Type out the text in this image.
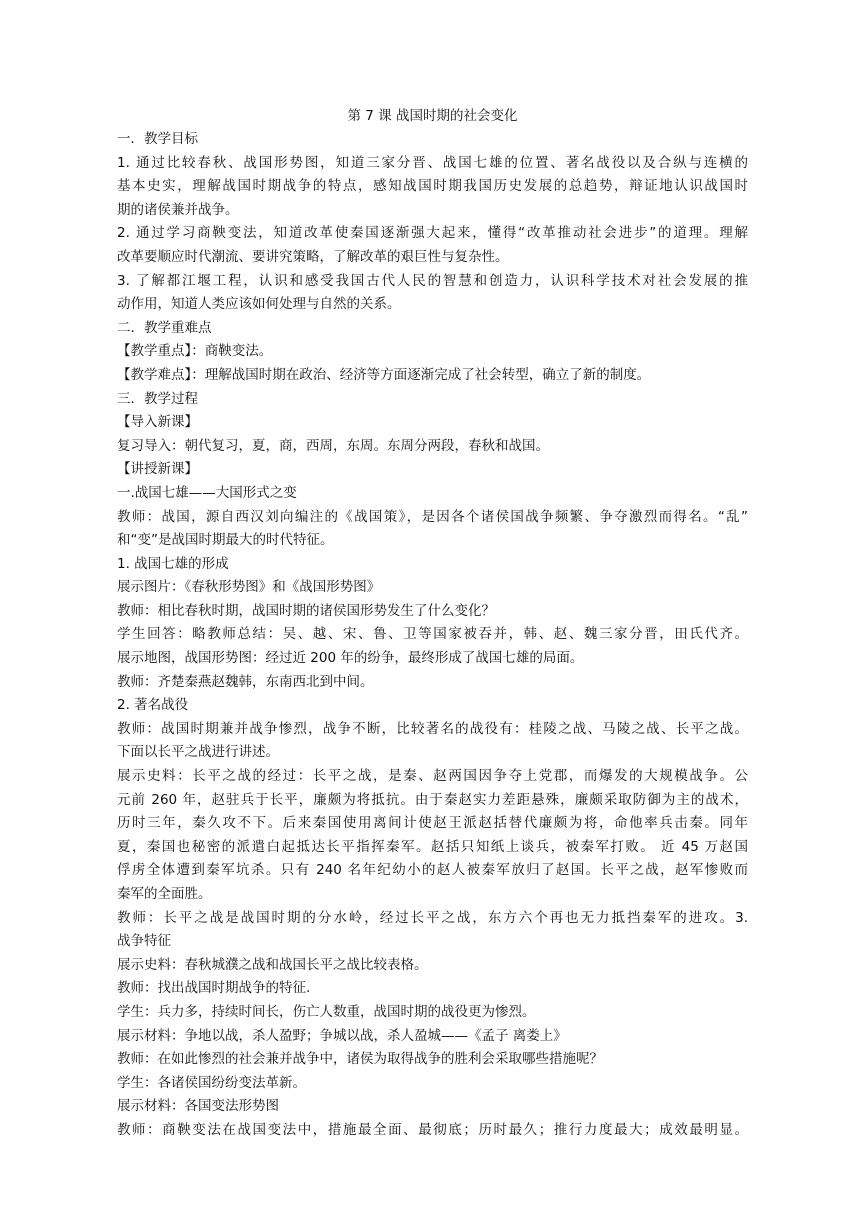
第 7 课 战国时期的社会变化

一．教学目标

1. 通过比较春秋、战国形势图，知道三家分晋、战国七雄的位置、著名战役以及合纵与连横的

基本史实，理解战国时期战争的特点，感知战国时期我国历史发展的总趋势，辩证地认识战国时

期的诸侯兼并战争。

2. 通过学习商鞅变法，知道改革使秦国逐渐强大起来，懂得“改革推动社会进步”的道理。理解

改革要顺应时代潮流、要讲究策略，了解改革的艰巨性与复杂性。

3. 了解都江堰工程，认识和感受我国古代人民的智慧和创造力，认识科学技术对社会发展的推

动作用，知道人类应该如何处理与自然的关系。

二．教学重难点

【教学重点】：商鞅变法。

【教学难点】：理解战国时期在政治、经济等方面逐渐完成了社会转型，确立了新的制度。

三．教学过程

【导入新课】

复习导入：朝代复习，夏，商，西周，东周。东周分两段，春秋和战国。

【讲授新课】

一.战国七雄——大国形式之变

教师：战国，源自西汉刘向编注的《战国策》，是因各个诸侯国战争频繁、争夺激烈而得名。“乱”

和“变”是战国时期最大的时代特征。

1. 战国七雄的形成

展示图片：《春秋形势图》和《战国形势图》

教师：相比春秋时期，战国时期的诸侯国形势发生了什么变化？

学生回答：略教师总结：吴、越、宋、鲁、卫等国家被吞并，韩、赵、魏三家分晋，田氏代齐。

展示地图，战国形势图：经过近 200 年的纷争，最终形成了战国七雄的局面。

教师：齐楚秦燕赵魏韩，东南西北到中间。

2. 著名战役

教师：战国时期兼并战争惨烈，战争不断，比较著名的战役有：桂陵之战、马陵之战、长平之战。

下面以长平之战进行讲述。

展示史料：长平之战的经过：长平之战，是秦、赵两国因争夺上党郡，而爆发的大规模战争。公

元前 260 年，赵驻兵于长平，廉颇为将抵抗。由于秦赵实力差距悬殊，廉颇采取防御为主的战术，

历时三年，秦久攻不下。后来秦国使用离间计使赵王派赵括替代廉颇为将，命他率兵击秦。同年

夏，秦国也秘密的派遣白起抵达长平指挥秦军。赵括只知纸上谈兵，被秦军打败。 近 45 万赵国

俘虏全体遭到秦军坑杀。只有 240 名年纪幼小的赵人被秦军放归了赵国。长平之战，赵军惨败而

秦军的全面胜。

教师：长平之战是战国时期的分水岭，经过长平之战，东方六个再也无力抵挡秦军的进攻。3.

战争特征

展示史料：春秋城濮之战和战国长平之战比较表格。

教师：找出战国时期战争的特征.

学生：兵力多，持续时间长，伤亡人数重，战国时期的战役更为惨烈。

展示材料：争地以战，杀人盈野；争城以战，杀人盈城——《孟子 离娄上》

教师：在如此惨烈的社会兼并战争中，诸侯为取得战争的胜利会采取哪些措施呢？

学生：各诸侯国纷纷变法革新。

展示材料：各国变法形势图

教师：商鞅变法在战国变法中，措施最全面、最彻底；历时最久；推行力度最大；成效最明显。
